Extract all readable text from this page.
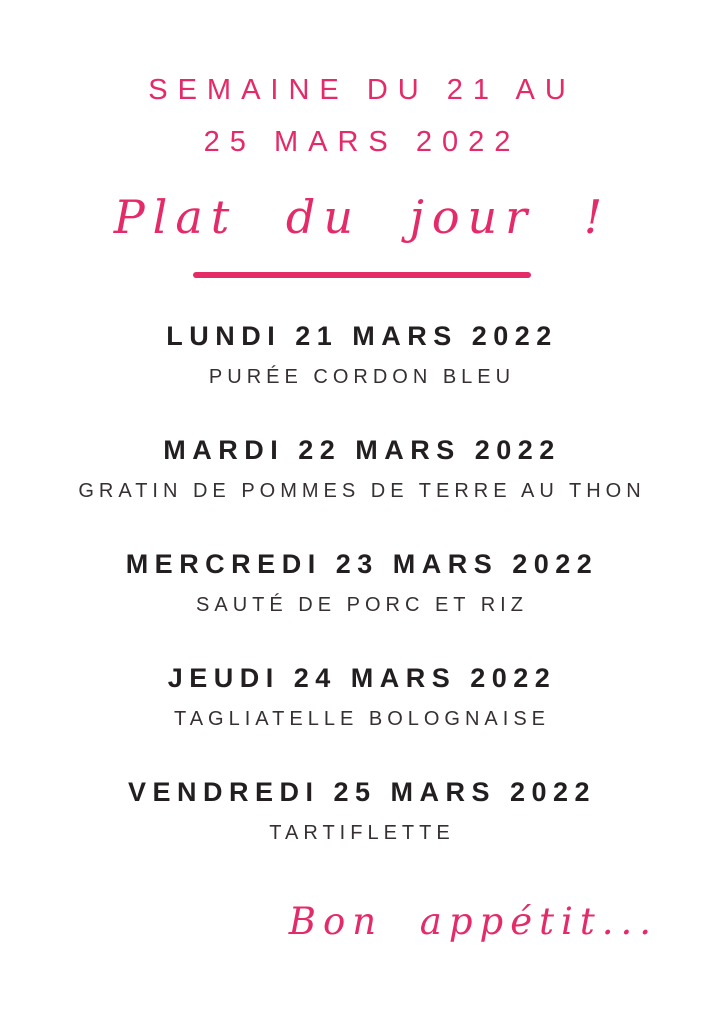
SEMAINE DU 21 AU
25 MARS 2022
Plat du jour !
LUNDI 21 MARS 2022
PURÉE CORDON BLEU
MARDI 22 MARS 2022
GRATIN DE POMMES DE TERRE AU THON
MERCREDI 23 MARS 2022
SAUTÉ DE PORC ET RIZ
JEUDI 24 MARS 2022
TAGLIATELLE BOLOGNAISE
VENDREDI 25 MARS 2022
TARTIFLETTE
Bon appétit...
